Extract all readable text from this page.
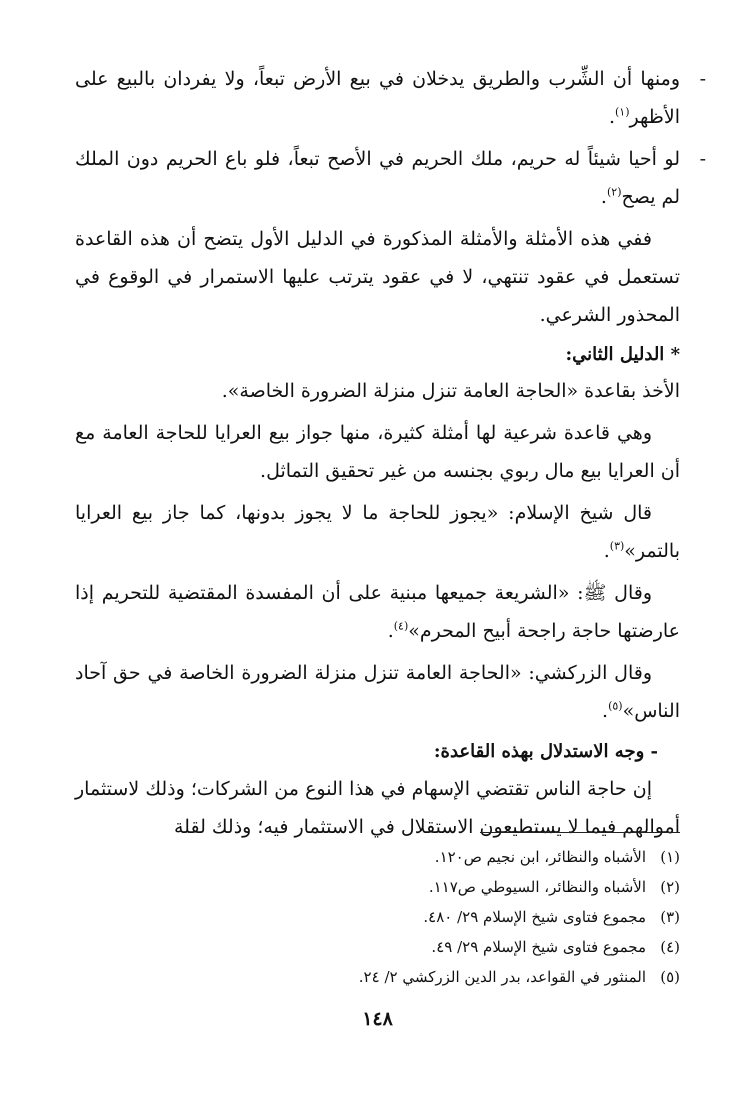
-
ومنها أن الشِّرب والطريق يدخلان في بيع الأرض تبعاً، ولا يفردان بالبيع على الأظهر$^{(١)}$.

-
لو أحيا شيئاً له حريم، ملك الحريم في الأصح تبعاً، فلو باع الحريم دون الملك لم يصح$^{(٢)}$.

ففي هذه الأمثلة والأمثلة المذكورة في الدليل الأول يتضح أن هذه القاعدة تستعمل في عقود تنتهي، لا في عقود يترتب عليها الاستمرار في الوقوع في المحذور الشرعي.

* الدليل الثاني:

الأخذ بقاعدة «الحاجة العامة تنزل منزلة الضرورة الخاصة».

وهي قاعدة شرعية لها أمثلة كثيرة، منها جواز بيع العرايا للحاجة العامة مع أن العرايا بيع مال ربوي بجنسه من غير تحقيق التماثل.

قال شيخ الإسلام: «يجوز للحاجة ما لا يجوز بدونها، كما جاز بيع العرايا بالتمر»$^{(٣)}$.

وقال ﷺ: «الشريعة جميعها مبنية على أن المفسدة المقتضية للتحريم إذا عارضتها حاجة راجحة أبيح المحرم»$^{(٤)}$.

وقال الزركشي: «الحاجة العامة تنزل منزلة الضرورة الخاصة في حق آحاد الناس»$^{(٥)}$.

- وجه الاستدلال بهذه القاعدة:

إن حاجة الناس تقتضي الإسهام في هذا النوع من الشركات؛ وذلك لاستثمار أموالهم فيما لا يستطيعون الاستقلال في الاستثمار فيه؛ وذلك لقلة

(١)الأشباه والنظائر، ابن نجيم ص١٢٠.

(٢)الأشباه والنظائر، السيوطي ص١١٧.

(٣)مجموع فتاوى شيخ الإسلام ٢٩/ ٤٨٠.

(٤)مجموع فتاوى شيخ الإسلام ٢٩/ ٤٩.

(٥)المنثور في القواعد، بدر الدين الزركشي ٢/ ٢٤.

١٤٨
